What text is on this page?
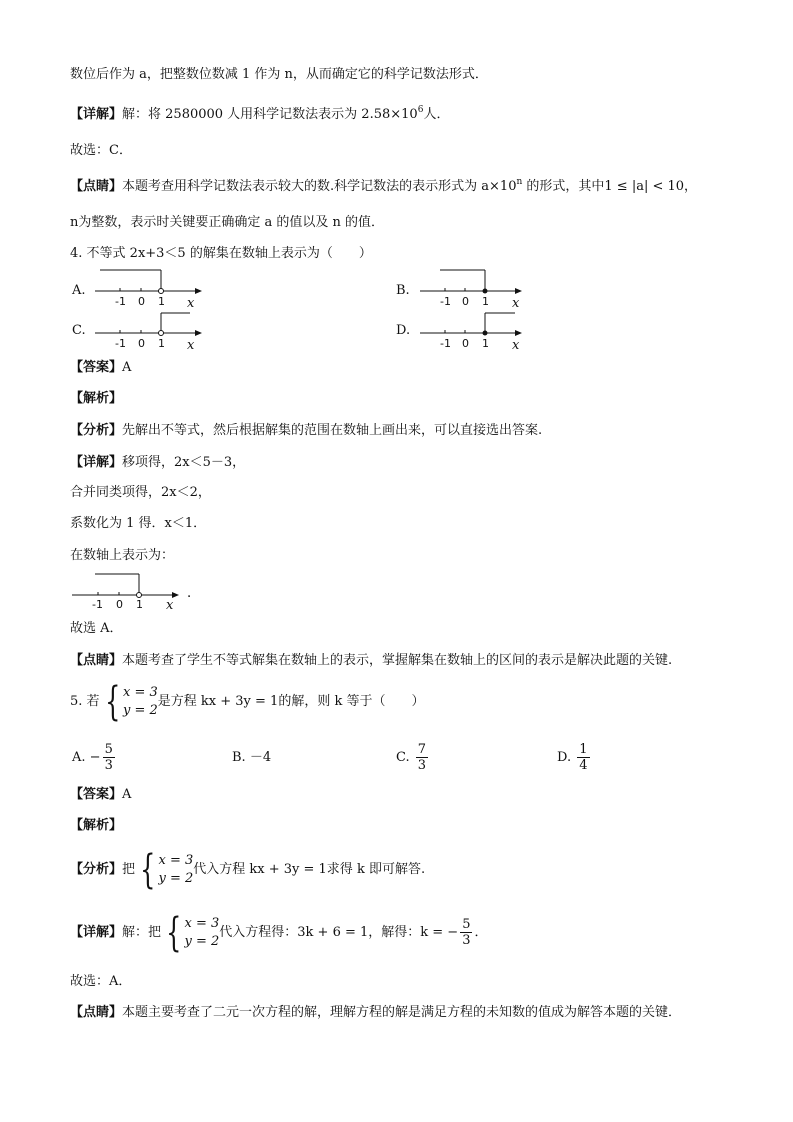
数位后作为 a，把整数位数减 1 作为 n，从而确定它的科学记数法形式．
【详解】解：将 2580000 人用科学记数法表示为 $2.58\times 10^6$人．
故选：C．
【点睛】本题考查用科学记数法表示较大的数.科学记数法的表示形式为 $a\times 10^n$ 的形式，其中1 ≤ |a| < 10，
n为整数，表示时关键要正确确定 a 的值以及 n 的值．
4. 不等式 2x+3＜5 的解集在数轴上表示为（　　）
A.
-1 0 1 x
B.
-1 0 1 x
C.
-1 0 1 x
D.
-1 0 1 x
【答案】A
【解析】
【分析】先解出不等式，然后根据解集的范围在数轴上画出来，可以直接选出答案.
【详解】移项得，2x＜5－3，
合并同类项得，2x＜2，
系数化为 1 得．x＜1．
在数轴上表示为：
.
-1 0 1 x
故选 A．
【点睛】本题考查了学生不等式解集在数轴上的表示，掌握解集在数轴上的区间的表示是解决此题的关键.
5. 若 { x = 3
y = 2
是方程 kx + 3y = 1的解，则 k 等于（　　）
A. − $\frac{5}{3}$	B. －4	C. $\frac{7}{3}$	D. $\frac{1}{4}$
【答案】A
【解析】
【分析】把 { x = 3
y = 2
代入方程 kx + 3y = 1求得 k 即可解答.
【详解】解：把 { x = 3
y = 2
代入方程得：3k + 6 = 1，解得：k = − $\frac{5}{3}$ ．
故选：A．
【点睛】本题主要考查了二元一次方程的解，理解方程的解是满足方程的未知数的值成为解答本题的关键．
